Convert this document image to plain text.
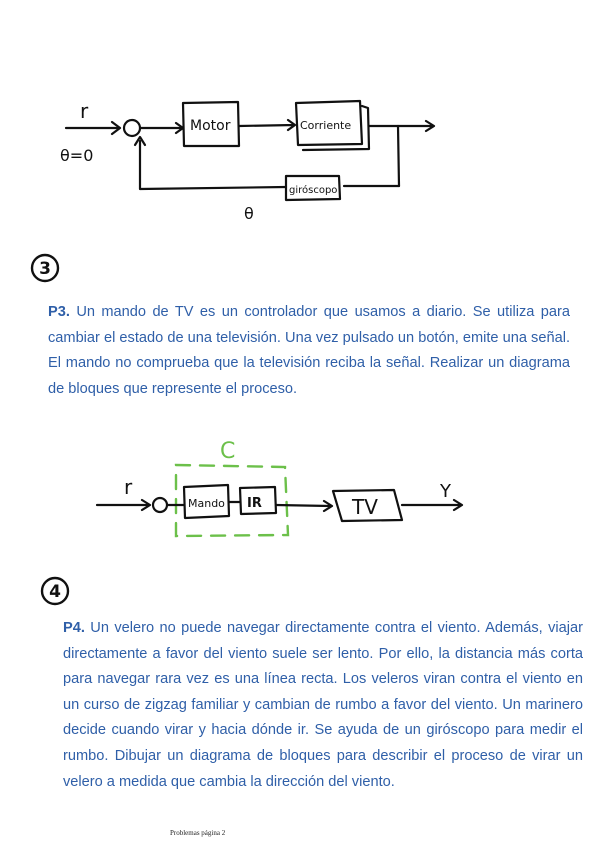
r
θ=0
Motor	Corriente
giróscopo
θ
3
P3. Un mando de TV es un controlador que usamos a diario. Se utiliza para cambiar el estado de una televisión. Una vez pulsado un botón, emite una señal. El mando no comprueba que la televisión reciba la señal. Realizar un diagrama de bloques que represente el proceso.
C
r
Mando IR	TV
Y
4
P4. Un velero no puede navegar directamente contra el viento. Además, viajar directamente a favor del viento suele ser lento. Por ello, la distancia más corta para navegar rara vez es una línea recta. Los veleros viran contra el viento en un curso de zigzag familiar y cambian de rumbo a favor del viento. Un marinero decide cuando virar y hacia dónde ir. Se ayuda de un giróscopo para medir el rumbo. Dibujar un diagrama de bloques para describir el proceso de virar un velero a medida que cambia la dirección del viento.
Problemas página 2
